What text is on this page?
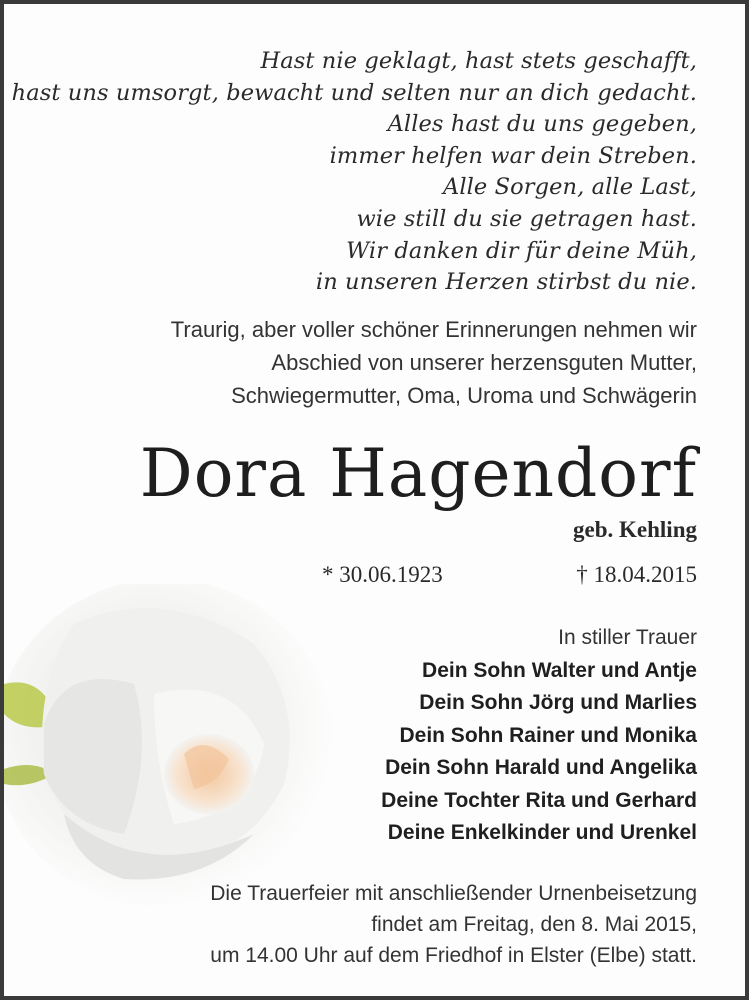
Hast nie geklagt, hast stets geschafft,
hast uns umsorgt, bewacht und selten nur an dich gedacht.
Alles hast du uns gegeben,
immer helfen war dein Streben.
Alle Sorgen, alle Last,
wie still du sie getragen hast.
Wir danken dir für deine Müh,
in unseren Herzen stirbst du nie.
Traurig, aber voller schöner Erinnerungen nehmen wir
Abschied von unserer herzensguten Mutter,
Schwiegermutter, Oma, Uroma und Schwägerin
Dora Hagendorf
geb. Kehling
* 30.06.1923	† 18.04.2015
In stiller Trauer
Dein Sohn Walter und Antje
Dein Sohn Jörg und Marlies
Dein Sohn Rainer und Monika
Dein Sohn Harald und Angelika
Deine Tochter Rita und Gerhard
Deine Enkelkinder und Urenkel
Die Trauerfeier mit anschließender Urnenbeisetzung
findet am Freitag, den 8. Mai 2015,
um 14.00 Uhr auf dem Friedhof in Elster (Elbe) statt.
